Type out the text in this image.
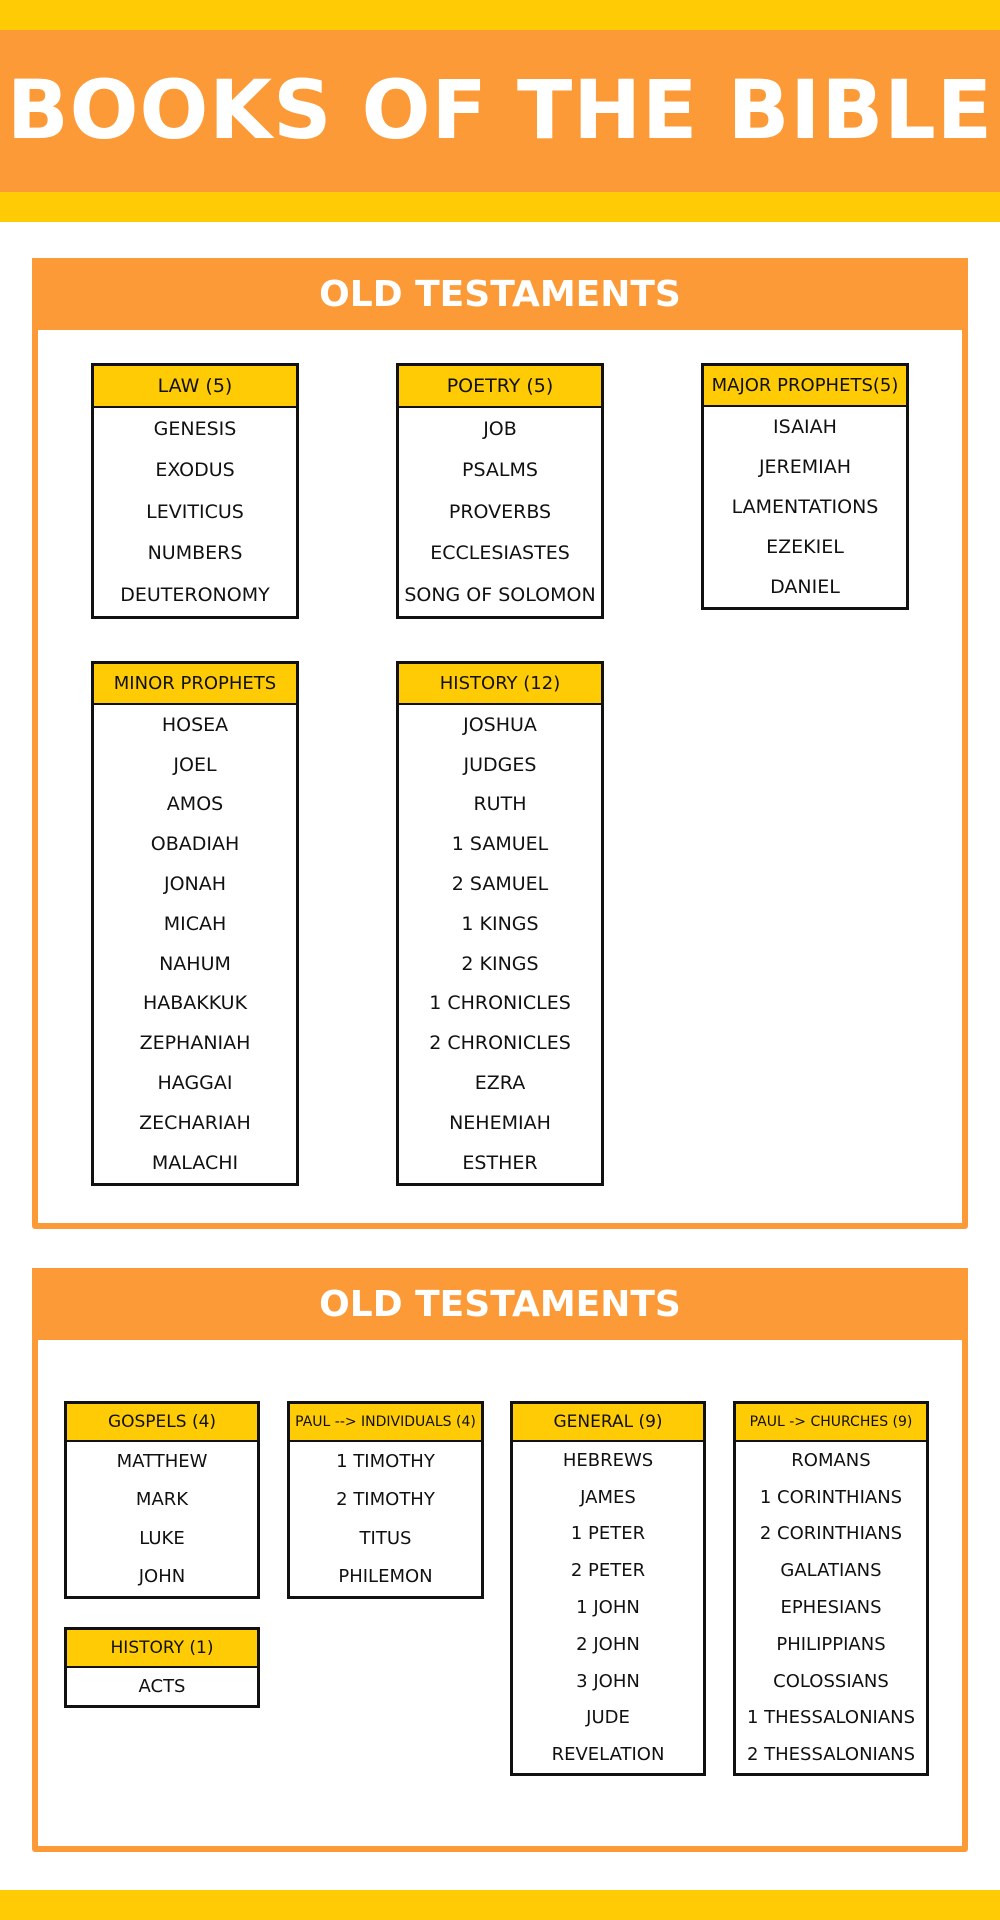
BOOKS OF THE BIBLE
OLD TESTAMENTS
OLD TESTAMENTS
LAW (5)
GENESIS
EXODUS
LEVITICUS
NUMBERS
DEUTERONOMY
POETRY (5)
JOB
PSALMS
PROVERBS
ECCLESIASTES
SONG OF SOLOMON
MAJOR PROPHETS(5)
ISAIAH
JEREMIAH
LAMENTATIONS
EZEKIEL
DANIEL
MINOR PROPHETS
HOSEA
JOEL
AMOS
OBADIAH
JONAH
MICAH
NAHUM
HABAKKUK
ZEPHANIAH
HAGGAI
ZECHARIAH
MALACHI
HISTORY (12)
JOSHUA
JUDGES
RUTH
1 SAMUEL
2 SAMUEL
1 KINGS
2 KINGS
1 CHRONICLES
2 CHRONICLES
EZRA
NEHEMIAH
ESTHER
GOSPELS (4)
MATTHEW
MARK
LUKE
JOHN
PAUL --> INDIVIDUALS (4)
1 TIMOTHY
2 TIMOTHY
TITUS
PHILEMON
GENERAL (9)
HEBREWS
JAMES
1 PETER
2 PETER
1 JOHN
2 JOHN
3 JOHN
JUDE
REVELATION
PAUL -> CHURCHES (9)
ROMANS
1 CORINTHIANS
2 CORINTHIANS
GALATIANS
EPHESIANS
PHILIPPIANS
COLOSSIANS
1 THESSALONIANS
2 THESSALONIANS
HISTORY (1)
ACTS
